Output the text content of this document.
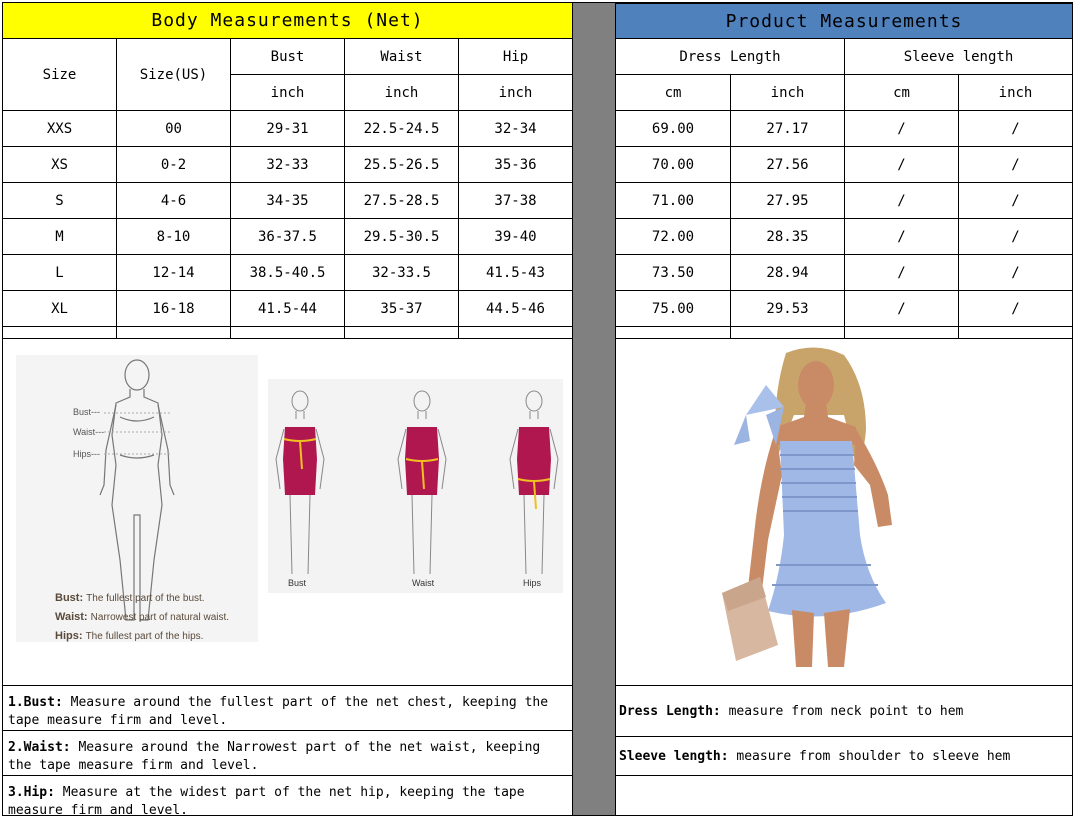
Body Measurements (Net)	Product Measurements
Size	Size(US)
Bust	Waist	Hip
inch	inch	inch
Dress Length	Sleeve length
cm	inch	cm	inch
XXS	00	29-31	22.5-24.5	32-34	69.00	27.17	/	/
XS	0-2	32-33	25.5-26.5	35-36	70.00	27.56	/	/
S	4-6	34-35	27.5-28.5	37-38	71.00	27.95	/	/
M	8-10	36-37.5	29.5-30.5	39-40	72.00	28.35	/	/
L	12-14	38.5-40.5	32-33.5	41.5-43	73.50	28.94	/	/
XL	16-18	41.5-44	35-37	44.5-46	75.00	29.53	/	/
Bust---
Waist---
Hips---
Bust: The fullest part of the bust.
Waist: Narrowest part of natural waist.
Hips: The fullest part of the hips.
Bust	Waist	Hips
1.Bust: Measure around the fullest part of the net chest, keeping the tape measure firm and level.
2.Waist: Measure around the Narrowest part of the net waist, keeping the tape measure firm and level.
3.Hip: Measure at the widest part of the net hip, keeping the tape measure firm and level.
Dress Length: measure from neck point to hem
Sleeve length: measure from shoulder to sleeve hem
